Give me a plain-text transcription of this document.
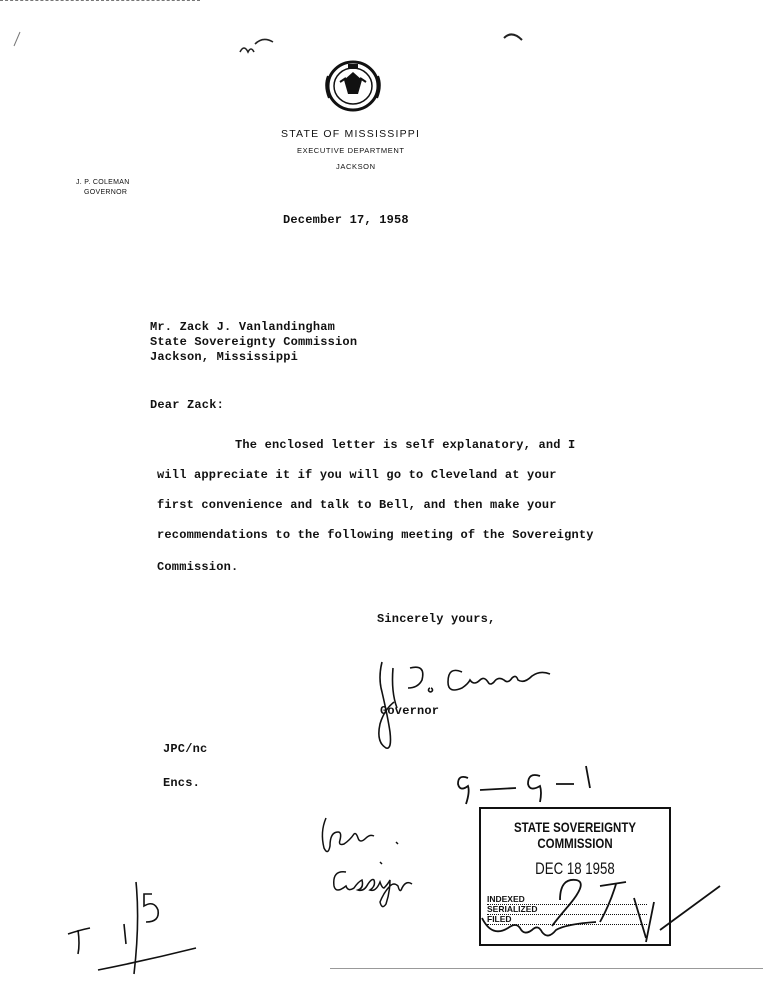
STATE OF MISSISSIPPI
EXECUTIVE DEPARTMENT
JACKSON
J. P. COLEMAN
GOVERNOR
December 17, 1958
Mr. Zack J. Vanlandingham
State Sovereignty Commission
Jackson, Mississippi
Dear Zack:
The enclosed letter is self explanatory, and I
will appreciate it if you will go to Cleveland at your
first convenience and talk to Bell, and then make your
recommendations to the following meeting of the Sovereignty
Commission.
Sincerely yours,
Governor
JPC/nc
Encs.
STATE SOVEREIGNTY COMMISSION
DEC 18 1958
INDEXED
SERIALIZED
FILED
